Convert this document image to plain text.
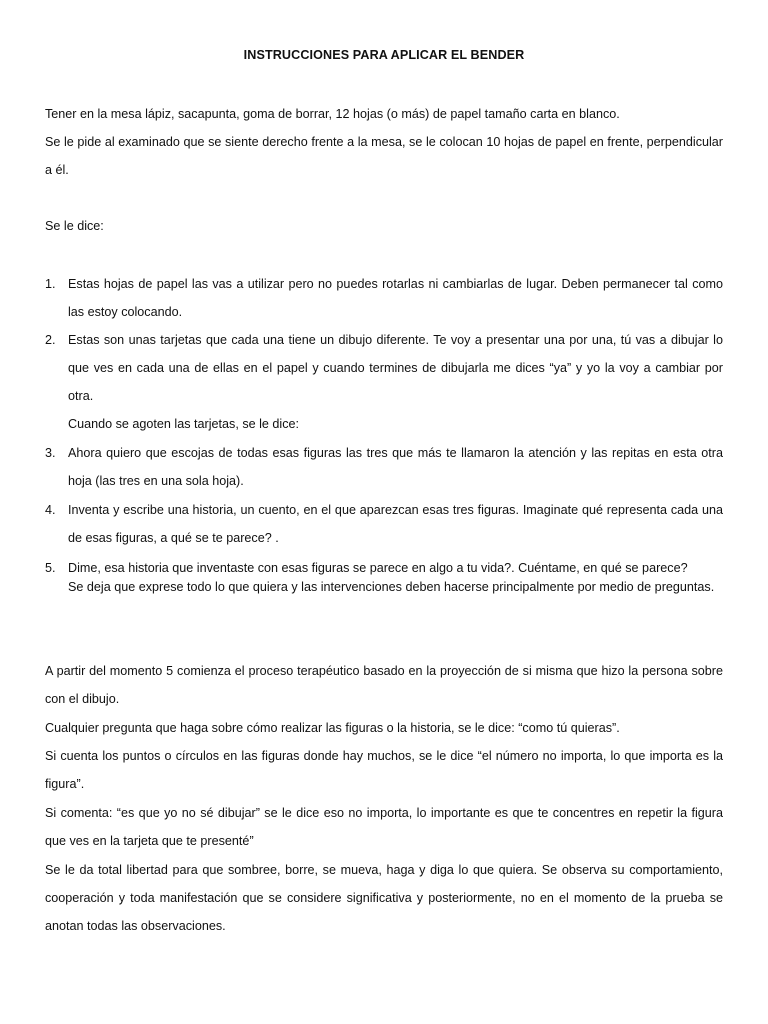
INSTRUCCIONES PARA APLICAR EL BENDER

Tener en la mesa lápiz, sacapunta, goma de borrar, 12 hojas (o más) de papel tamaño carta en blanco.

Se le pide al examinado que se siente derecho frente a la mesa, se le colocan 10 hojas de papel en frente, perpendicular a él.

Se le dice:

1. Estas hojas de papel las vas a utilizar pero no puedes rotarlas ni cambiarlas de lugar. Deben permanecer tal como las estoy colocando.

2. Estas son unas tarjetas que cada una tiene un dibujo diferente. Te voy a presentar una por una, tú vas a dibujar lo que ves en cada una de ellas en el papel y cuando termines de dibujarla me dices “ya” y yo la voy a cambiar por otra.

Cuando se agoten las tarjetas, se le dice:

3. Ahora quiero que escojas de todas esas figuras las tres que más te llamaron la atención y las repitas en esta otra hoja (las tres en una sola hoja).

4. Inventa y escribe una historia, un cuento, en el que aparezcan esas tres figuras. Imaginate qué representa cada una de esas figuras, a qué se te parece? .

5. Dime, esa historia que inventaste con esas figuras se parece en algo a tu vida?. Cuéntame, en qué se parece?

Se deja que exprese todo lo que quiera y las intervenciones deben hacerse principalmente por medio de preguntas.

A partir del momento 5 comienza el proceso terapéutico basado en la proyección de si misma que hizo la persona sobre con el dibujo.

Cualquier pregunta que haga sobre cómo realizar las figuras o la historia, se le dice: “como tú quieras”.

Si cuenta los puntos o círculos en las figuras donde hay muchos, se le dice “el número no importa, lo que importa es la figura”.

Si comenta: “es que yo no sé dibujar” se le dice eso no importa, lo importante es que te concentres en repetir la figura que ves en la tarjeta que te presenté”

Se le da total libertad para que sombree, borre, se mueva, haga y diga lo que quiera. Se observa su comportamiento, cooperación y toda manifestación que se considere significativa y posteriormente, no en el momento de la prueba se anotan todas las observaciones.
